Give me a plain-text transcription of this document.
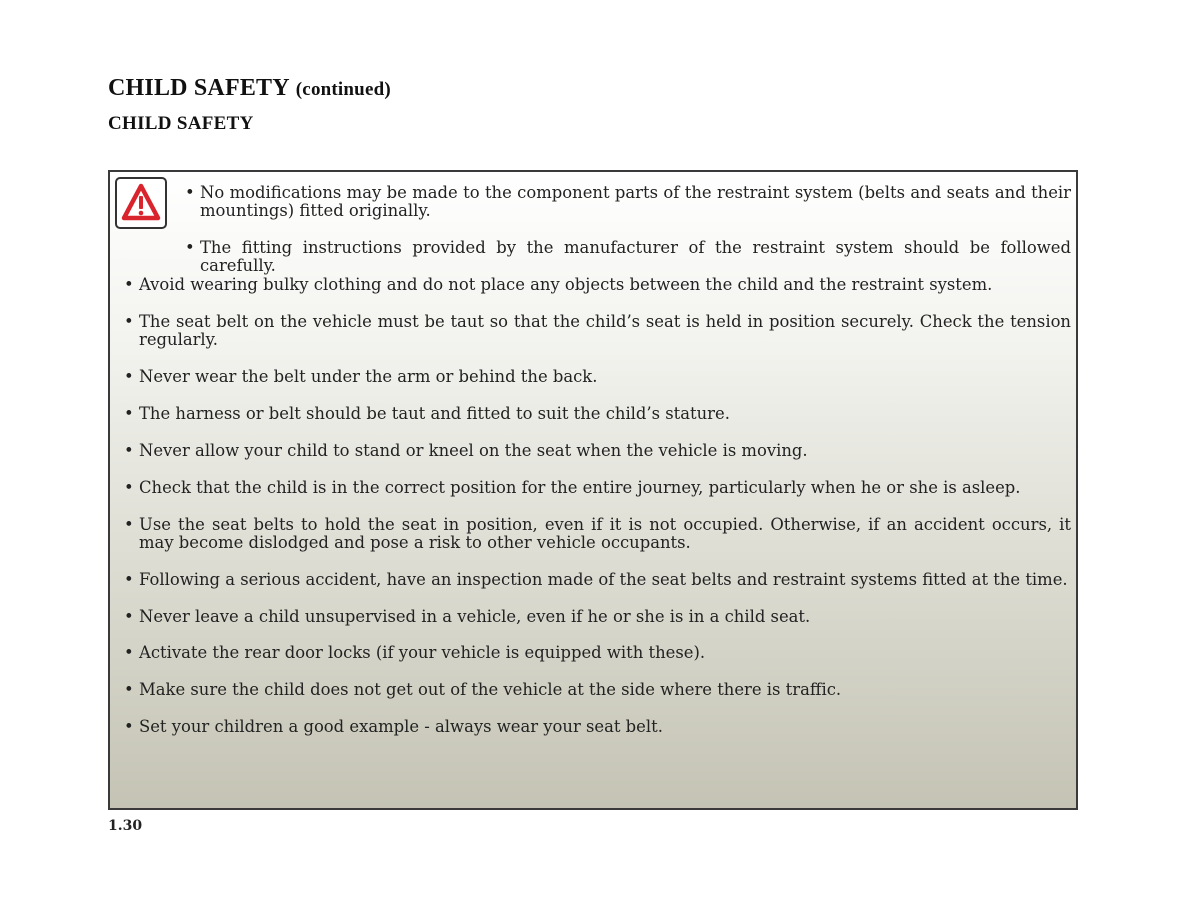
CHILD SAFETY (continued)
CHILD SAFETY
• No modifications may be made to the component parts of the restraint system (belts and seats and their mountings) fitted originally.
• The fitting instructions provided by the manufacturer of the restraint system should be followed carefully.
• Avoid wearing bulky clothing and do not place any objects between the child and the restraint system.
• The seat belt on the vehicle must be taut so that the child’s seat is held in position securely. Check the tension regularly.
• Never wear the belt under the arm or behind the back.
• The harness or belt should be taut and fitted to suit the child’s stature.
• Never allow your child to stand or kneel on the seat when the vehicle is moving.
• Check that the child is in the correct position for the entire journey, particularly when he or she is asleep.
• Use the seat belts to hold the seat in position, even if it is not occupied. Otherwise, if an accident occurs, it may become dislodged and pose a risk to other vehicle occupants.
• Following a serious accident, have an inspection made of the seat belts and restraint systems fitted at the time.
• Never leave a child unsupervised in a vehicle, even if he or she is in a child seat.
• Activate the rear door locks (if your vehicle is equipped with these).
• Make sure the child does not get out of the vehicle at the side where there is traffic.
• Set your children a good example - always wear your seat belt.
1.30
